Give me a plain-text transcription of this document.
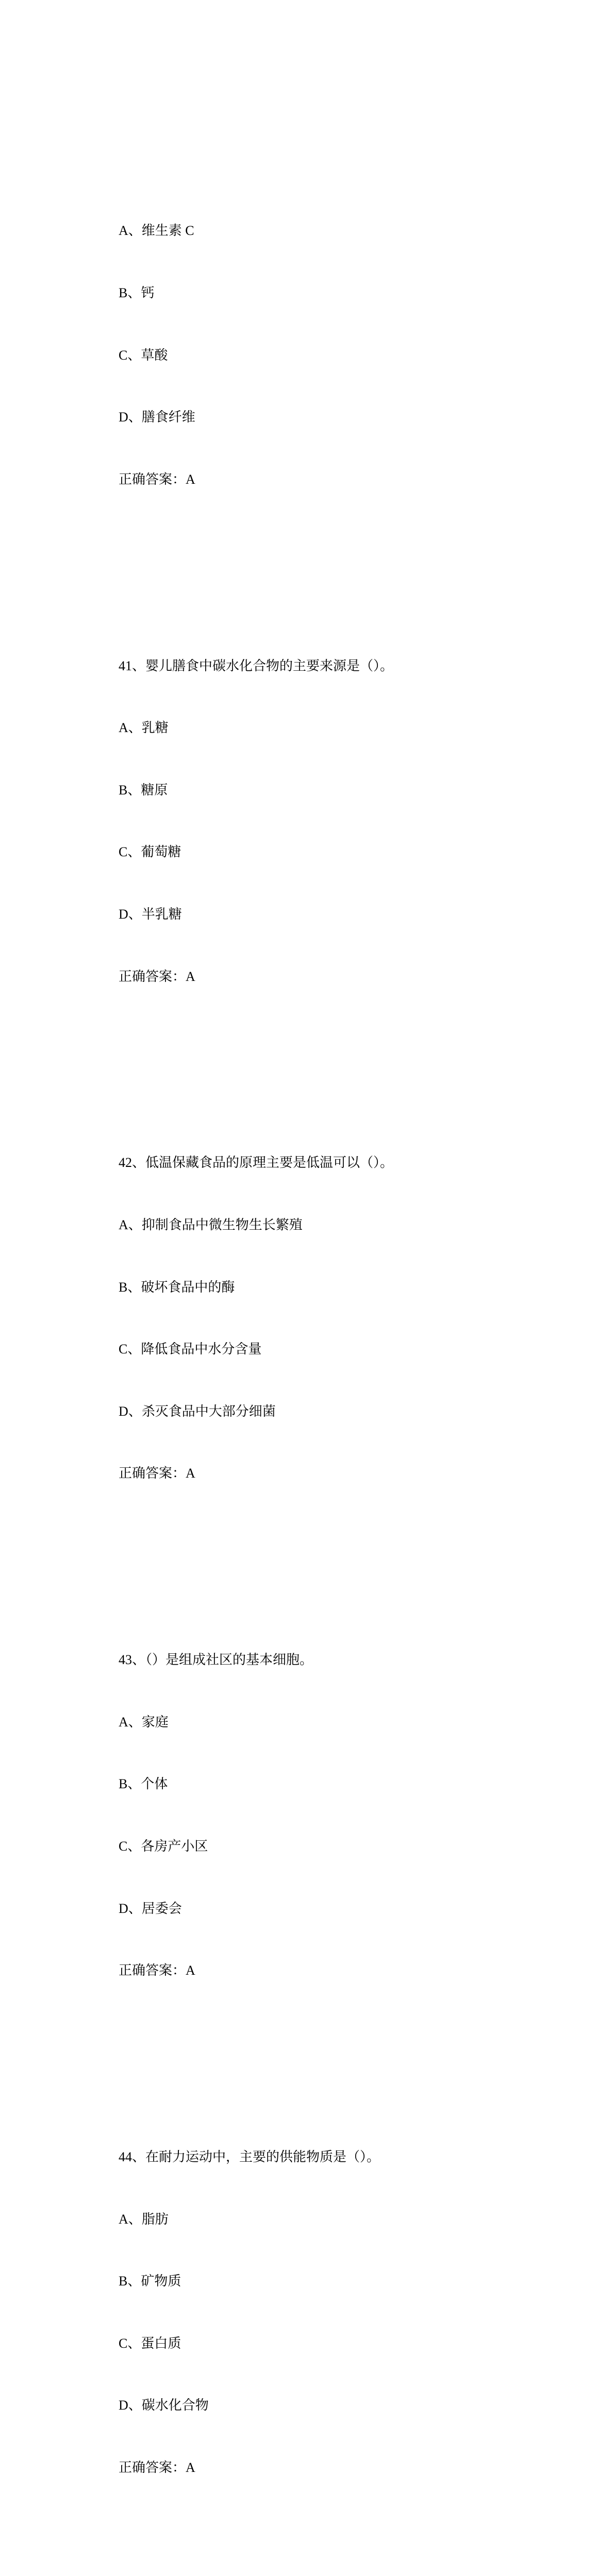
A、维生素 C

B、钙

C、草酸

D、膳食纤维

正确答案：A

41、婴儿膳食中碳水化合物的主要来源是（）。

A、乳糖

B、糖原

C、葡萄糖

D、半乳糖

正确答案：A

42、低温保藏食品的原理主要是低温可以（）。

A、抑制食品中微生物生长繁殖

B、破坏食品中的酶

C、降低食品中水分含量

D、杀灭食品中大部分细菌

正确答案：A

43、（）是组成社区的基本细胞。

A、家庭

B、个体

C、各房产小区

D、居委会

正确答案：A

44、在耐力运动中，主要的供能物质是（）。

A、脂肪

B、矿物质

C、蛋白质

D、碳水化合物

正确答案：A
